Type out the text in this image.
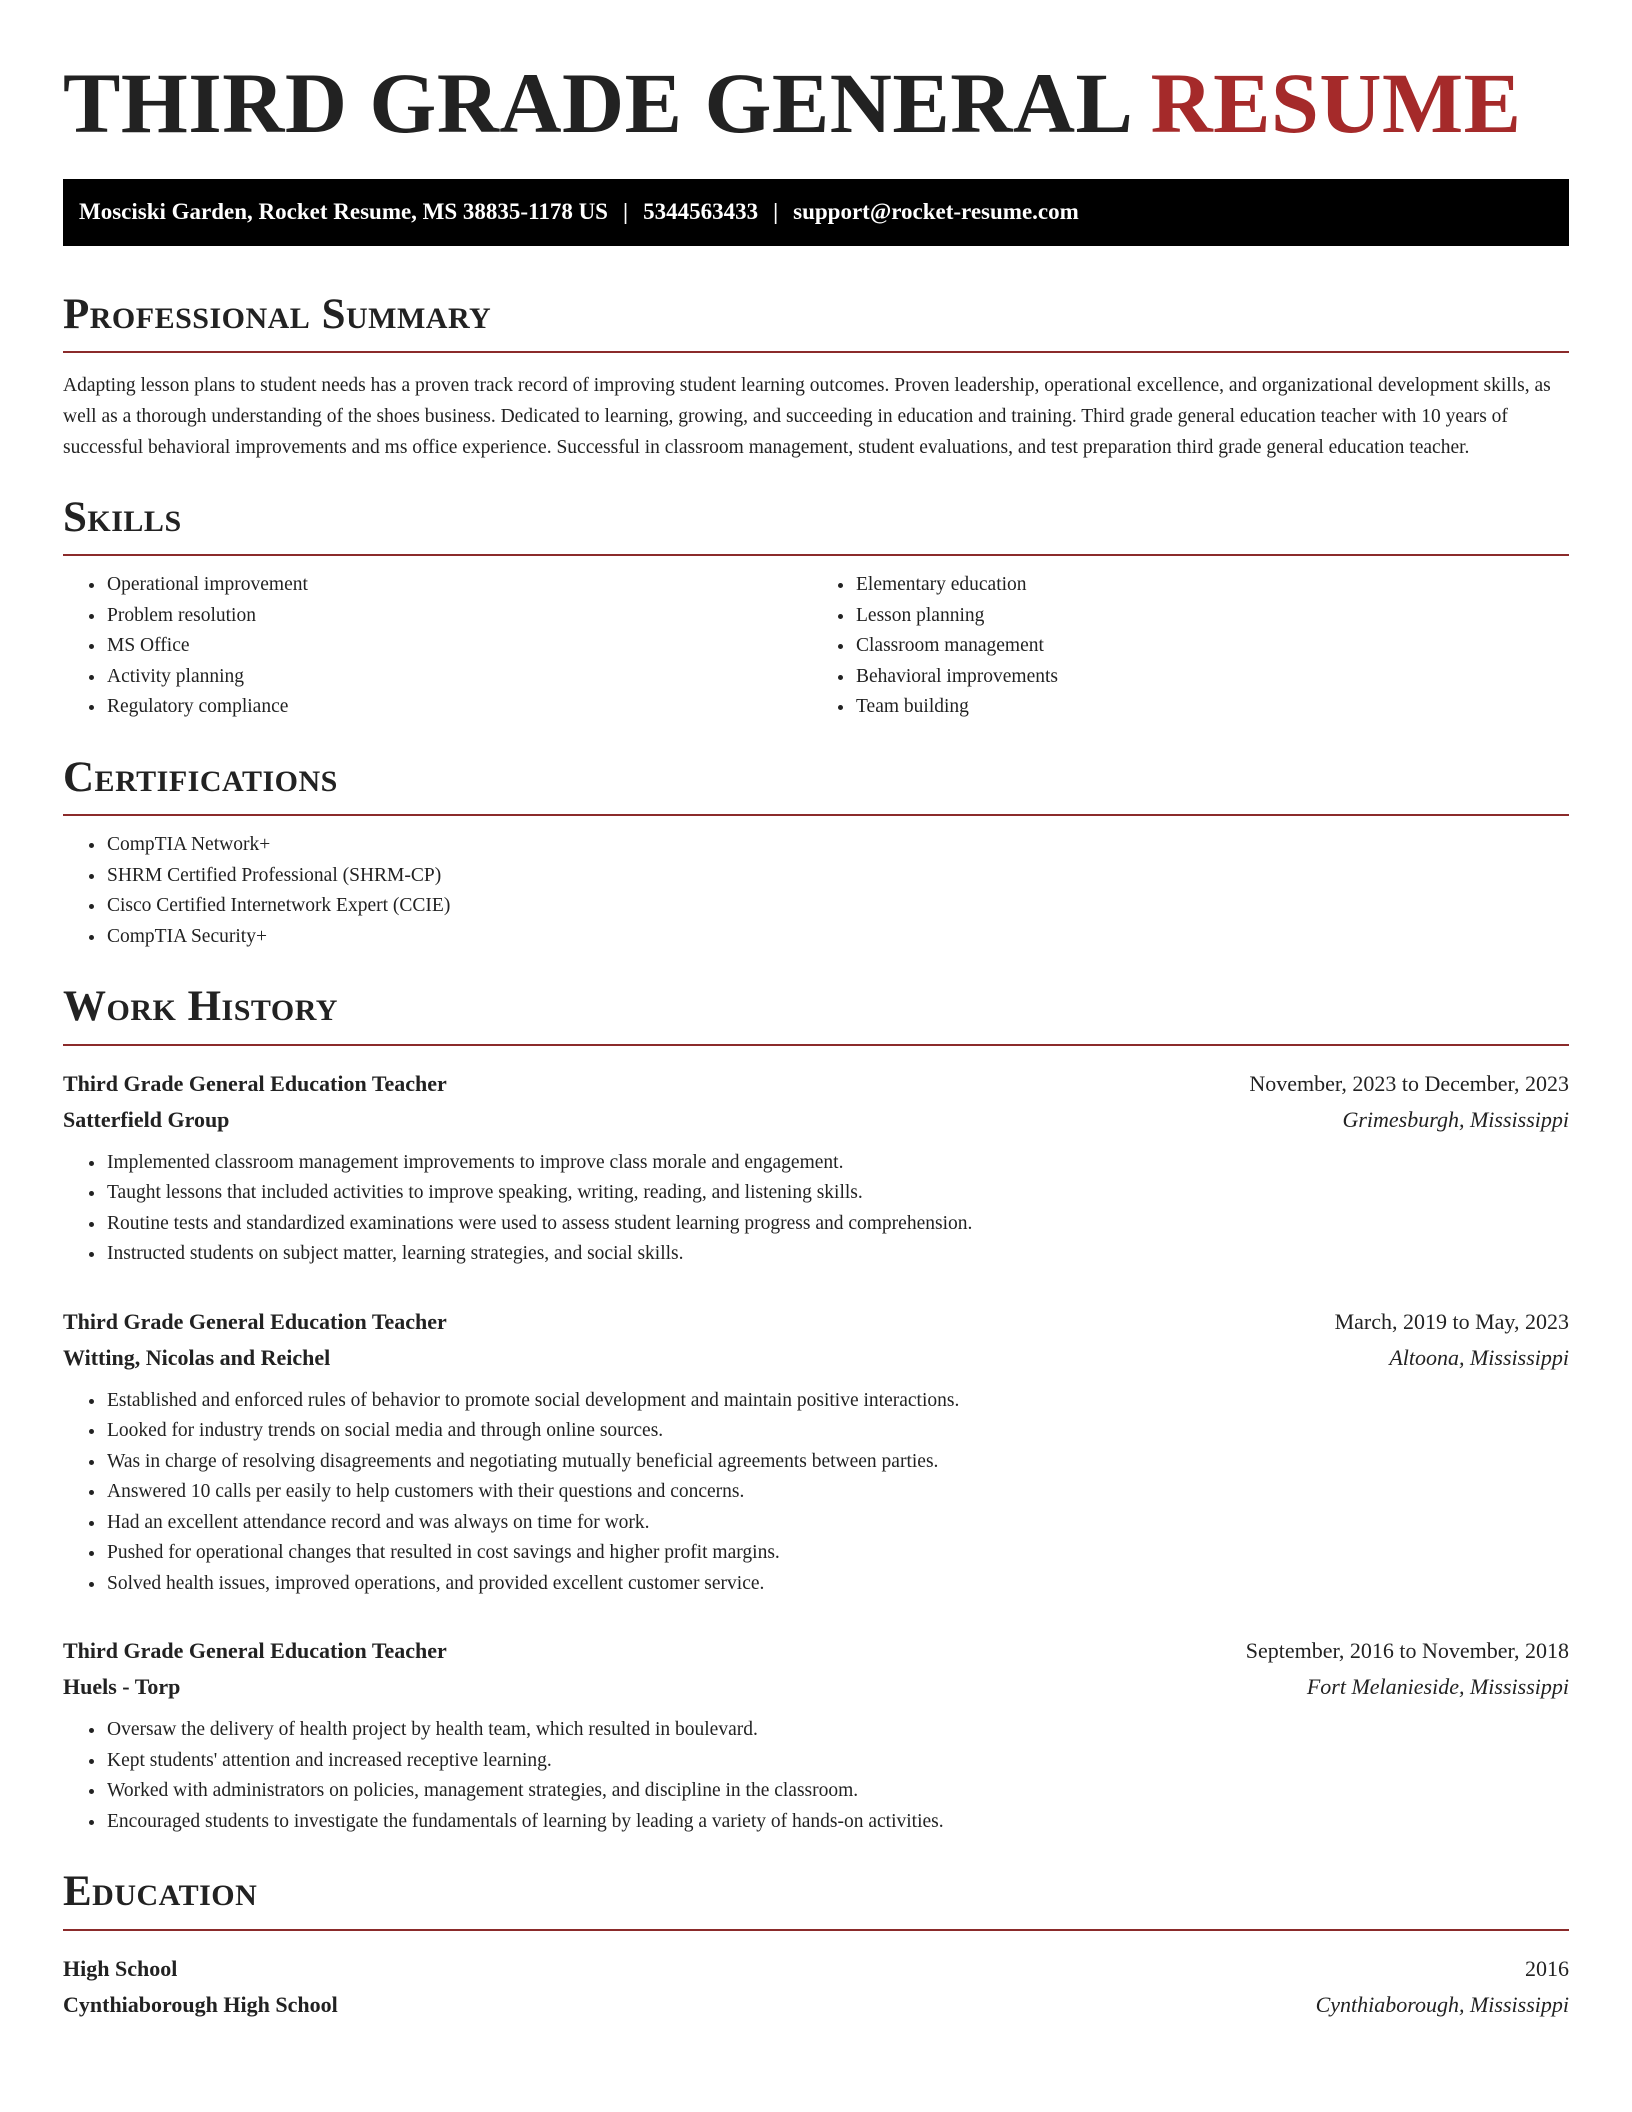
THIRD GRADE GENERAL RESUME
Mosciski Garden, Rocket Resume, MS 38835-1178 US | 5344563433 | support@rocket-resume.com
Professional Summary

Adapting lesson plans to student needs has a proven track record of improving student learning outcomes. Proven leadership, operational excellence, and organizational development skills, as well as a thorough understanding of the shoes business. Dedicated to learning, growing, and succeeding in education and training. Third grade general education teacher with 10 years of successful behavioral improvements and ms office experience. Successful in classroom management, student evaluations, and test preparation third grade general education teacher.

Skills
• Operational improvement
• Problem resolution
• MS Office
• Activity planning
• Regulatory compliance
• Elementary education
• Lesson planning
• Classroom management
• Behavioral improvements
• Team building
Certifications
• CompTIA Network+
• SHRM Certified Professional (SHRM-CP)
• Cisco Certified Internetwork Expert (CCIE)
• CompTIA Security+
Work History
Third Grade General Education Teacher	November, 2023 to December, 2023
Satterfield Group	Grimesburgh, Mississippi
• Implemented classroom management improvements to improve class morale and engagement.
• Taught lessons that included activities to improve speaking, writing, reading, and listening skills.
• Routine tests and standardized examinations were used to assess student learning progress and comprehension.
• Instructed students on subject matter, learning strategies, and social skills.
Third Grade General Education Teacher	March, 2019 to May, 2023
Witting, Nicolas and Reichel	Altoona, Mississippi
• Established and enforced rules of behavior to promote social development and maintain positive interactions.
• Looked for industry trends on social media and through online sources.
• Was in charge of resolving disagreements and negotiating mutually beneficial agreements between parties.
• Answered 10 calls per easily to help customers with their questions and concerns.
• Had an excellent attendance record and was always on time for work.
• Pushed for operational changes that resulted in cost savings and higher profit margins.
• Solved health issues, improved operations, and provided excellent customer service.
Third Grade General Education Teacher	September, 2016 to November, 2018
Huels - Torp	Fort Melanieside, Mississippi
• Oversaw the delivery of health project by health team, which resulted in boulevard.
• Kept students' attention and increased receptive learning.
• Worked with administrators on policies, management strategies, and discipline in the classroom.
• Encouraged students to investigate the fundamentals of learning by leading a variety of hands-on activities.
Education
High School	2016
Cynthiaborough High School	Cynthiaborough, Mississippi
